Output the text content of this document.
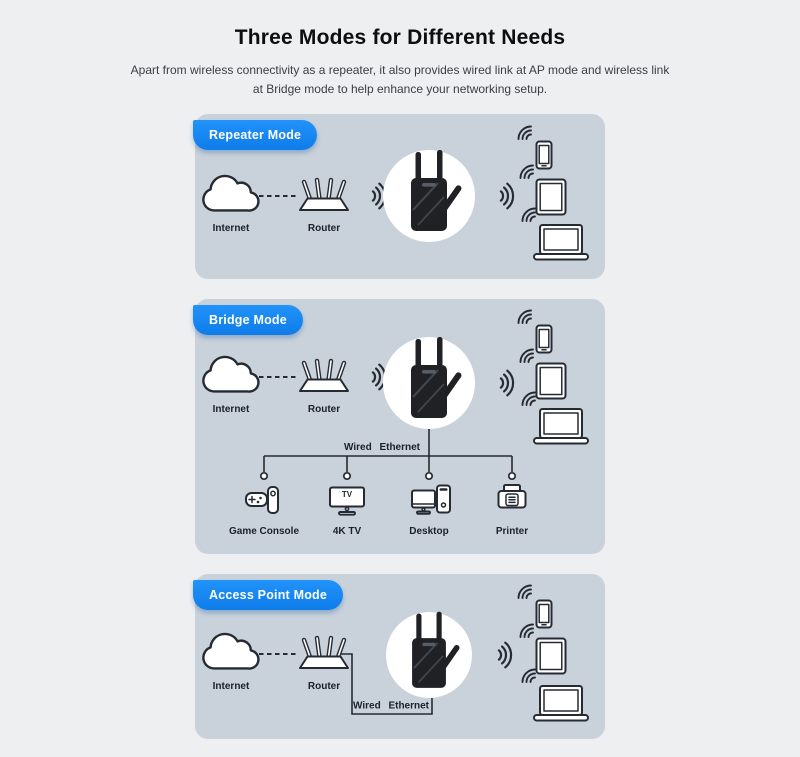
Three Modes for Different Needs

Apart from wireless connectivity as a repeater, it also provides wired link at AP mode and wireless link at Bridge mode to help enhance your networking setup.

Repeater Mode
Internet	Router
Bridge Mode
Internet	Router
Wired Ethernet
TV
Game Console	4K TV	Desktop	Printer
Access Point Mode
Internet	Router
Wired Ethernet
